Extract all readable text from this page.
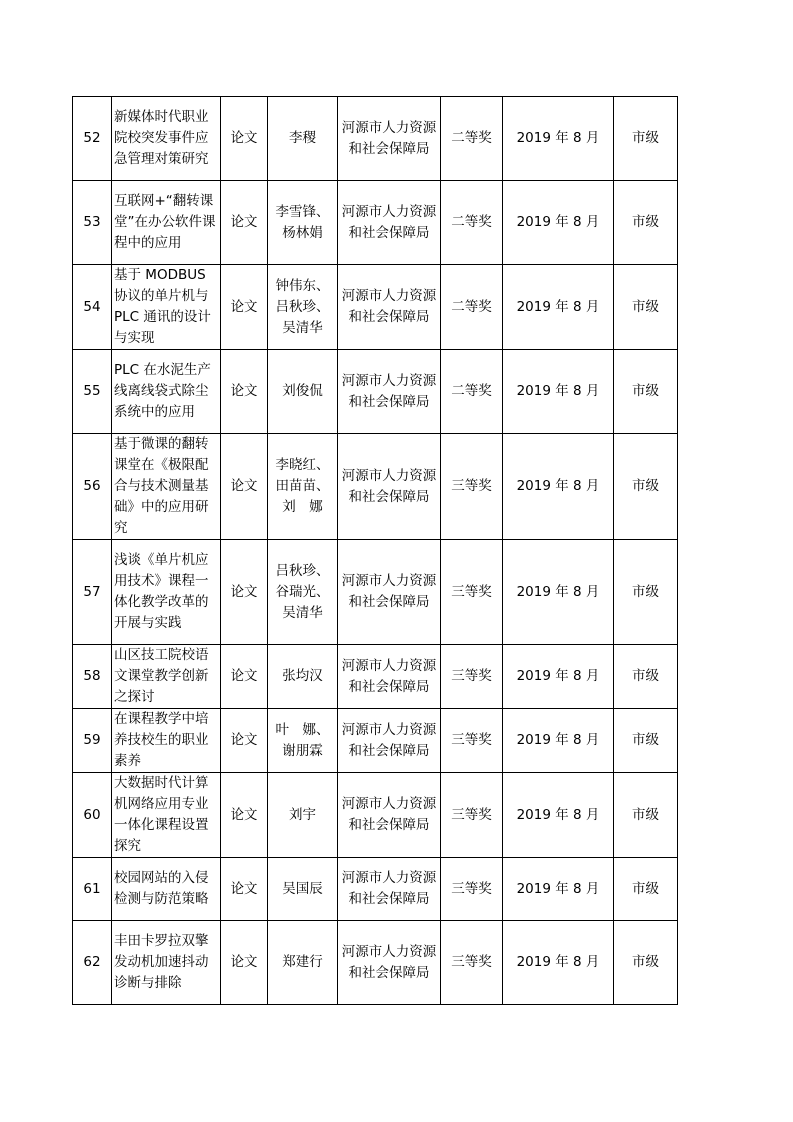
52	新媒体时代职业院校突发事件应急管理对策研究	论文	李稷	河源市人力资源和社会保障局	二等奖	2019 年 8 月	市级
53	互联网+“翻转课堂”在办公软件课程中的应用	论文	李雪锋、杨林娟	河源市人力资源和社会保障局	二等奖	2019 年 8 月	市级
54	基于 MODBUS 协议的单片机与 PLC 通讯的设计与实现	论文	钟伟东、吕秋珍、吴清华	河源市人力资源和社会保障局	二等奖	2019 年 8 月	市级
55	PLC 在水泥生产线离线袋式除尘系统中的应用	论文	刘俊侃	河源市人力资源和社会保障局	二等奖	2019 年 8 月	市级
56	基于微课的翻转课堂在《极限配合与技术测量基础》中的应用研究	论文	李晓红、田苗苗、刘　娜	河源市人力资源和社会保障局	三等奖	2019 年 8 月	市级
57	浅谈《单片机应用技术》课程一体化教学改革的开展与实践	论文	吕秋珍、谷瑞光、吴清华	河源市人力资源和社会保障局	三等奖	2019 年 8 月	市级
58	山区技工院校语文课堂教学创新之探讨	论文	张均汉	河源市人力资源和社会保障局	三等奖	2019 年 8 月	市级
59	在课程教学中培养技校生的职业素养	论文	叶　娜、谢朋霖	河源市人力资源和社会保障局	三等奖	2019 年 8 月	市级
60	大数据时代计算机网络应用专业一体化课程设置探究	论文	刘宇	河源市人力资源和社会保障局	三等奖	2019 年 8 月	市级
61	校园网站的入侵检测与防范策略	论文	吴国辰	河源市人力资源和社会保障局	三等奖	2019 年 8 月	市级
62	丰田卡罗拉双擎发动机加速抖动诊断与排除	论文	郑建行	河源市人力资源和社会保障局	三等奖	2019 年 8 月	市级
